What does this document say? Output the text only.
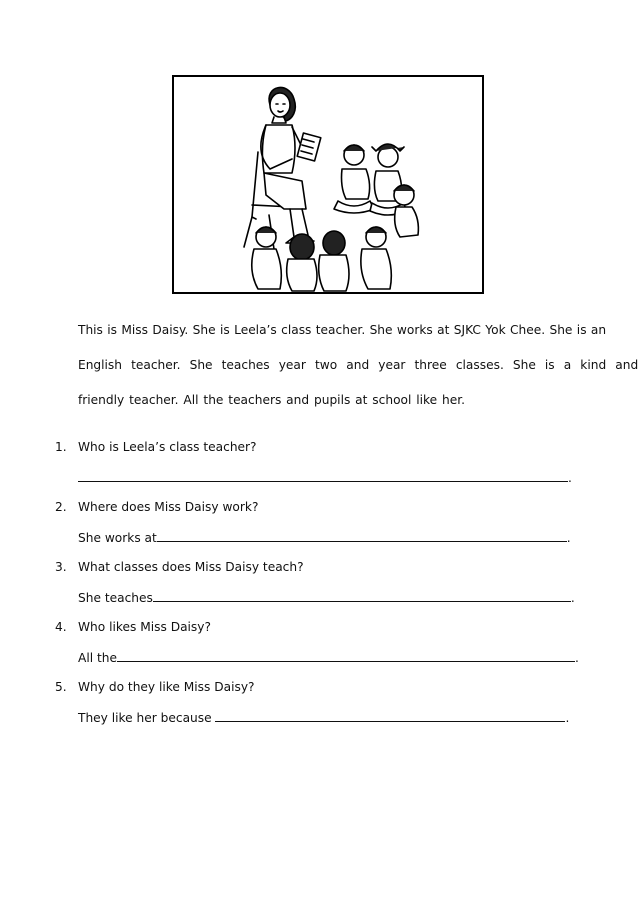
This is Miss Daisy. She is Leela’s class teacher. She works at SJKC Yok Chee. She is an
English teacher. She teaches year two and year three classes. She is a kind and
friendly teacher. All the teachers and pupils at school like her.
1. Who is Leela’s class teacher?
.
2. Where does Miss Daisy work?
She works at	.
3. What classes does Miss Daisy teach?
She teaches	.
4. Who likes Miss Daisy?
All the	.
5. Why do they like Miss Daisy?
They like her because	.
